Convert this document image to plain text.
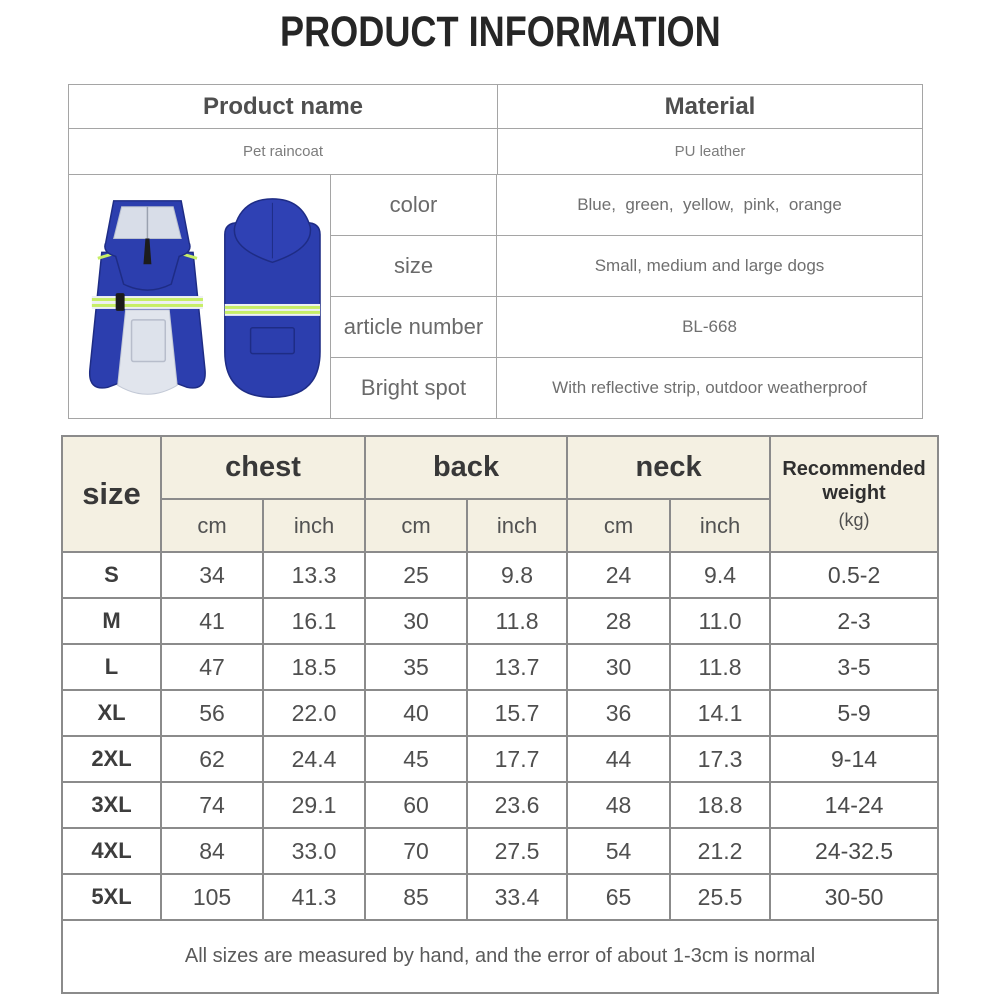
PRODUCT INFORMATION
Product name	Material
Pet raincoat	PU leather
	color	Blue,  green,  yellow,  pink,  orange
	size	Small, medium and large dogs
	article number	BL-668
	Bright spot	With reflective strip, outdoor weatherproof
size	chest		back		neck		Recommended weight
(kg)

	cm	inch	cm	inch	cm	inch	
S	34	13.3	25	9.8	24	9.4	0.5-2
M	41	16.1	30	11.8	28	11.0	2-3
L	47	18.5	35	13.7	30	11.8	3-5
XL	56	22.0	40	15.7	36	14.1	5-9
2XL	62	24.4	45	17.7	44	17.3	9-14
3XL	74	29.1	60	23.6	48	18.8	14-24
4XL	84	33.0	70	27.5	54	21.2	24-32.5
5XL	105	41.3	85	33.4	65	25.5	30-50
All sizes are measured by hand, and the error of about 1-3cm is normal							
